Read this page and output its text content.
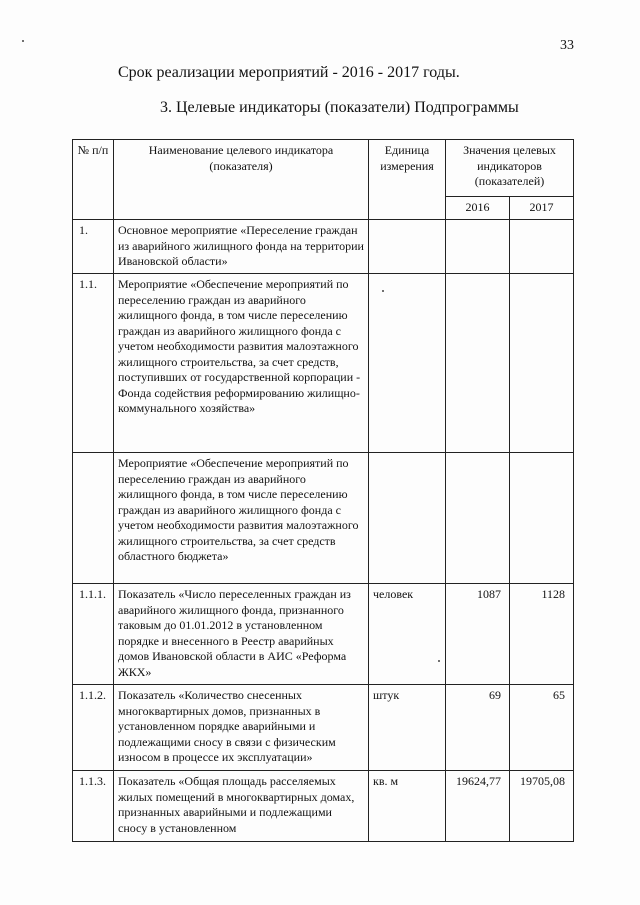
33
Срок реализации мероприятий - 2016 - 2017 годы.
3. Целевые индикаторы (показатели) Подпрограммы
№ п/п	Наименование целевого индикатора (показателя)	Единица измерения	Значения целевых индикаторов (показателей)	
			2016	2017
1.	Основное мероприятие «Переселение граждан из аварийного жилищного фонда на территории Ивановской области»			
1.1.	Мероприятие «Обеспечение мероприятий по переселению граждан из аварийного жилищного фонда, в том числе переселению граждан из аварийного жилищного фонда с учетом необходимости развития малоэтажного жилищного строительства, за счет средств, поступивших от государственной корпорации - Фонда содействия реформированию жилищно-коммунального хозяйства»			
	Мероприятие «Обеспечение мероприятий по переселению граждан из аварийного жилищного фонда, в том числе переселению граждан из аварийного жилищного фонда с учетом необходимости развития малоэтажного жилищного строительства, за счет средств областного бюджета»			
1.1.1.	Показатель «Число переселенных граждан из аварийного жилищного фонда, признанного таковым до 01.01.2012 в установленном порядке и внесенного в Реестр аварийных домов Ивановской области в АИС «Реформа ЖКХ»	человек	1087	1128
1.1.2.	Показатель «Количество снесенных многоквартирных домов, признанных в установленном порядке аварийными и подлежащими сносу в связи с физическим износом в процессе их эксплуатации»	штук	69	65
1.1.3.	Показатель «Общая площадь расселяемых жилых помещений в многоквартирных домах, признанных аварийными и подлежащими сносу в установленном	кв. м	19624,77	19705,08
